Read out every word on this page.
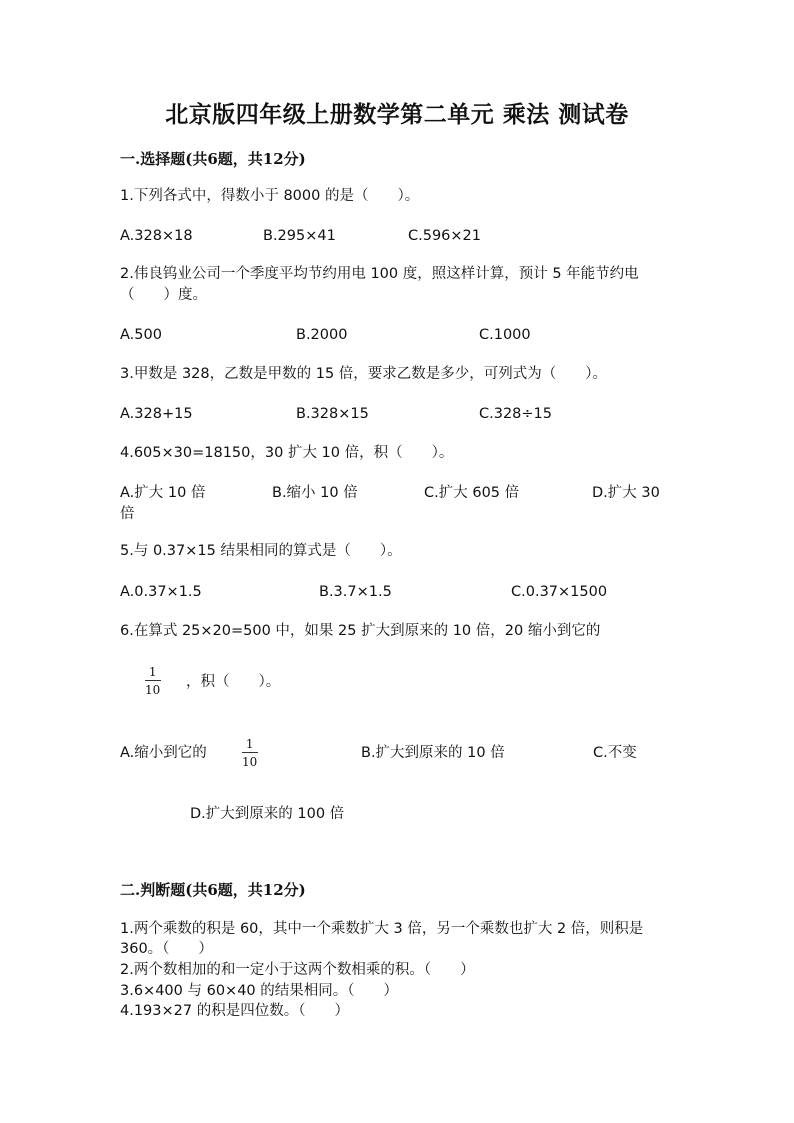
北京版四年级上册数学第二单元 乘法 测试卷
一.选择题(共6题，共12分)
1.下列各式中，得数小于 8000 的是（　　）。
A.328×18	B.295×41	C.596×21
2.伟良钨业公司一个季度平均节约用电 100 度，照这样计算，预计 5 年能节约电（　　）度。
A.500	B.2000	C.1000
3.甲数是 328，乙数是甲数的 15 倍，要求乙数是多少，可列式为（　　）。
A.328+15	B.328×15	C.328÷15
4.605×30=18150，30 扩大 10 倍，积（　　）。
A.扩大 10 倍	B.缩小 10 倍	C.扩大 605 倍	D.扩大 30
倍
5.与 0.37×15 结果相同的算式是（　　）。
A.0.37×1.5	B.3.7×1.5	C.0.37×1500
6.在算式 25×20=500 中，如果 25 扩大到原来的 10 倍，20 缩小到它的
1
10 ，积（　　）。
A.缩小到它的
1
10
B.扩大到原来的 10 倍	C.不变
D.扩大到原来的 100 倍
二.判断题(共6题，共12分)
1.两个乘数的积是 60，其中一个乘数扩大 3 倍，另一个乘数也扩大 2 倍，则积是 360。（　　）
2.两个数相加的和一定小于这两个数相乘的积。（　　）
3.6×400 与 60×40 的结果相同。（　　）
4.193×27 的积是四位数。（　　）
